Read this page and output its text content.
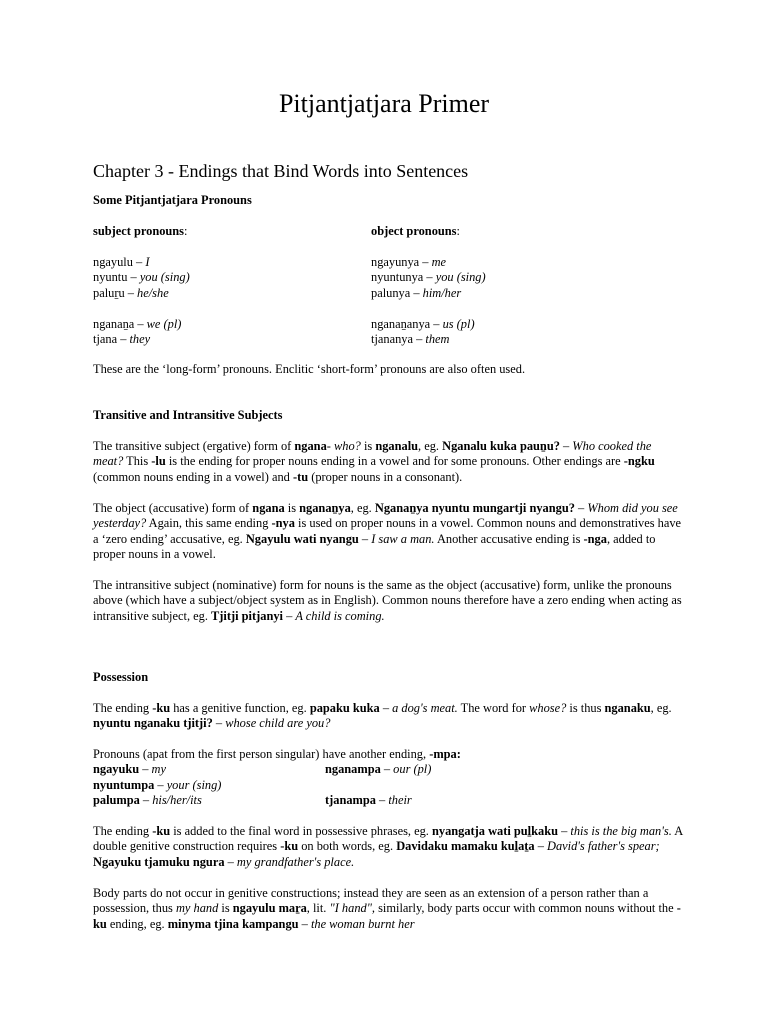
Pitjantjatjara Primer
Chapter 3 - Endings that Bind Words into Sentences

Some Pitjantjatjara Pronouns

subject pronouns:	object pronouns:
ngayulu – I	ngayunya – me
nyuntu – you (sing)	nyuntunya – you (sing)
paluṟu – he/she	palunya – him/her
nganaṉa – we (pl)	nganaṉanya – us (pl)
tjana – they	tjananya – them

These are the ‘long-form’ pronouns. Enclitic ‘short-form’ pronouns are also often used.

Transitive and Intransitive Subjects

The transitive subject (ergative) form of ngana- who? is nganalu, eg. Nganalu kuka pauṉu? – Who cooked the meat? This -lu is the ending for proper nouns ending in a vowel and for some pronouns. Other endings are -ngku (common nouns ending in a vowel) and -tu (proper nouns in a consonant).

The object (accusative) form of ngana is nganaṉya, eg. Nganaṉya nyuntu mungartji nyangu? – Whom did you see yesterday? Again, this same ending -nya is used on proper nouns in a vowel. Common nouns and demonstratives have a ‘zero ending’ accusative, eg. Ngayulu wati nyangu – I saw a man. Another accusative ending is -nga, added to proper nouns in a vowel.

The intransitive subject (nominative) form for nouns is the same as the object (accusative) form, unlike the pronouns above (which have a subject/object system as in English). Common nouns therefore have a zero ending when acting as intransitive subject, eg. Tjitji pitjanyi – A child is coming.

Possession

The ending -ku has a genitive function, eg. papaku kuka – a dog's meat. The word for whose? is thus nganaku, eg. nyuntu nganaku tjitji? – whose child are you?

Pronouns (apat from the first person singular) have another ending, -mpa:
ngayuku – my	nganampa – our (pl)
nyuntumpa – your (sing)
palumpa – his/her/its	tjanampa – their

The ending -ku is added to the final word in possessive phrases, eg. nyangatja wati puḻkaku – this is the big man's. A double genitive construction requires -ku on both words, eg. Davidaku mamaku kuḻaṯa – David's father's spear; Ngayuku tjamuku ngura – my grandfather's place.

Body parts do not occur in genitive constructions; instead they are seen as an extension of a person rather than a possession, thus my hand is ngayulu maṟa, lit. "I hand", similarly, body parts occur with common nouns without the -ku ending, eg. minyma tjina kampangu – the woman burnt her
